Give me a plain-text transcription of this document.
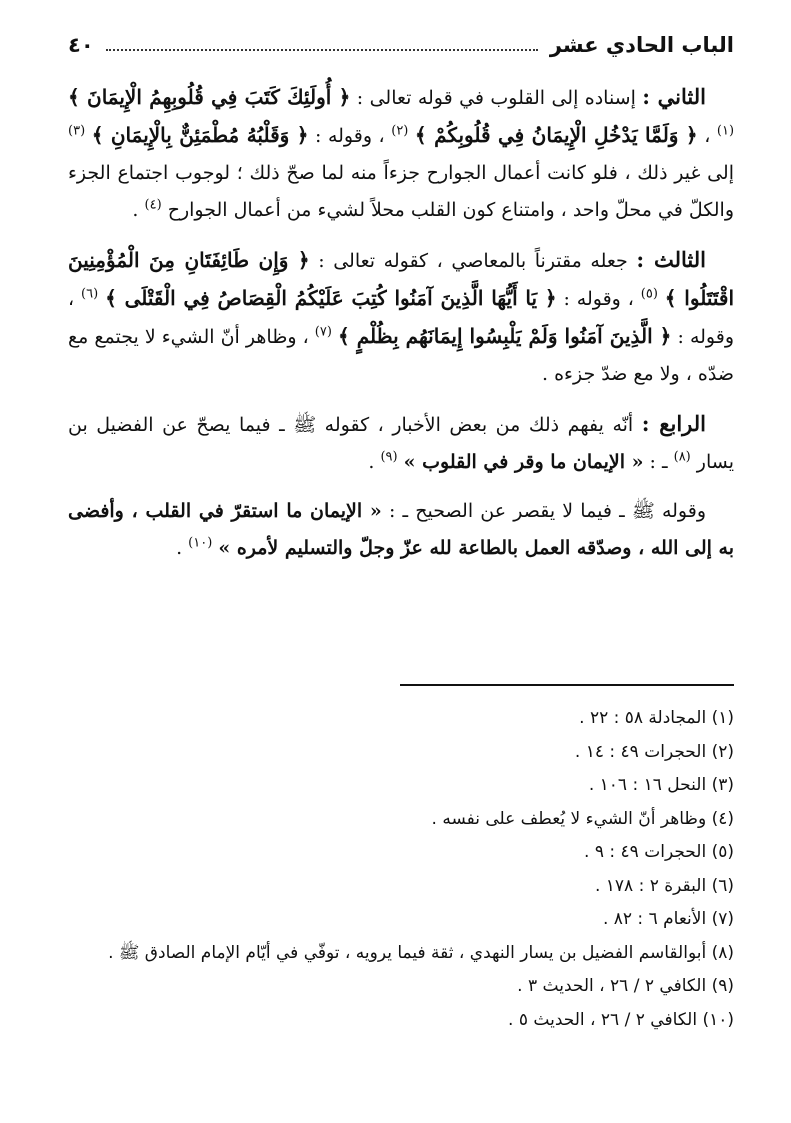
الباب الحادي عشر
٤٠

الثاني : إسناده إلى القلوب في قوله تعالى : ﴿ أُولَئِكَ كَتَبَ فِي قُلُوبِهِمُ الْإِيمَانَ ﴾ $^{(١)}$ ، ﴿ وَلَمَّا يَدْخُلِ الْإِيمَانُ فِي قُلُوبِكُمْ ﴾ $^{(٢)}$ ، وقوله : ﴿ وَقَلْبُهُ مُطْمَئِنٌّ بِالْإِيمَانِ ﴾ $^{(٣)}$ إلى غير ذلك ، فلو كانت أعمال الجوارح جزءاً منه لما صحّ ذلك ؛ لوجوب اجتماع الجزء والكلّ في محلّ واحد ، وامتناع كون القلب محلاً لشيء من أعمال الجوارح $^{(٤)}$ .

الثالث : جعله مقترناً بالمعاصي ، كقوله تعالى : ﴿ وَإِن طَائِفَتَانِ مِنَ الْمُؤْمِنِينَ اقْتَتَلُوا ﴾ $^{(٥)}$ ، وقوله : ﴿ يَا أَيُّهَا الَّذِينَ آمَنُوا كُتِبَ عَلَيْكُمُ الْقِصَاصُ فِي الْقَتْلَى ﴾ $^{(٦)}$ ، وقوله : ﴿ الَّذِينَ آمَنُوا وَلَمْ يَلْبِسُوا إِيمَانَهُم بِظُلْمٍ ﴾ $^{(٧)}$ ، وظاهر أنّ الشيء لا يجتمع مع ضدّه ، ولا مع ضدّ جزءه .

الرابع : أنّه يفهم ذلك من بعض الأخبار ، كقوله ﷺ ـ فيما يصحّ عن الفضيل بن يسار $^{(٨)}$ ـ : « الإيمان ما وقر في القلوب » $^{(٩)}$ .

وقوله ﷺ ـ فيما لا يقصر عن الصحيح ـ : « الإيمان ما استقرّ في القلب ، وأفضى به إلى الله ، وصدّقه العمل بالطاعة لله عزّ وجلّ والتسليم لأمره » $^{(١٠)}$ .

(١) المجادلة ٥٨ : ٢٢ .
(٢) الحجرات ٤٩ : ١٤ .
(٣) النحل ١٦ : ١٠٦ .
(٤) وظاهر أنّ الشيء لا يُعطف على نفسه .
(٥) الحجرات ٤٩ : ٩ .
(٦) البقرة ٢ : ١٧٨ .
(٧) الأنعام ٦ : ٨٢ .
(٨) أبوالقاسم الفضيل بن يسار النهدي ، ثقة فيما يرويه ، توفّي في أيّام الإمام الصادق ﷺ .
(٩) الكافي ٢ / ٢٦ ، الحديث ٣ .
(١٠) الكافي ٢ / ٢٦ ، الحديث ٥ .
